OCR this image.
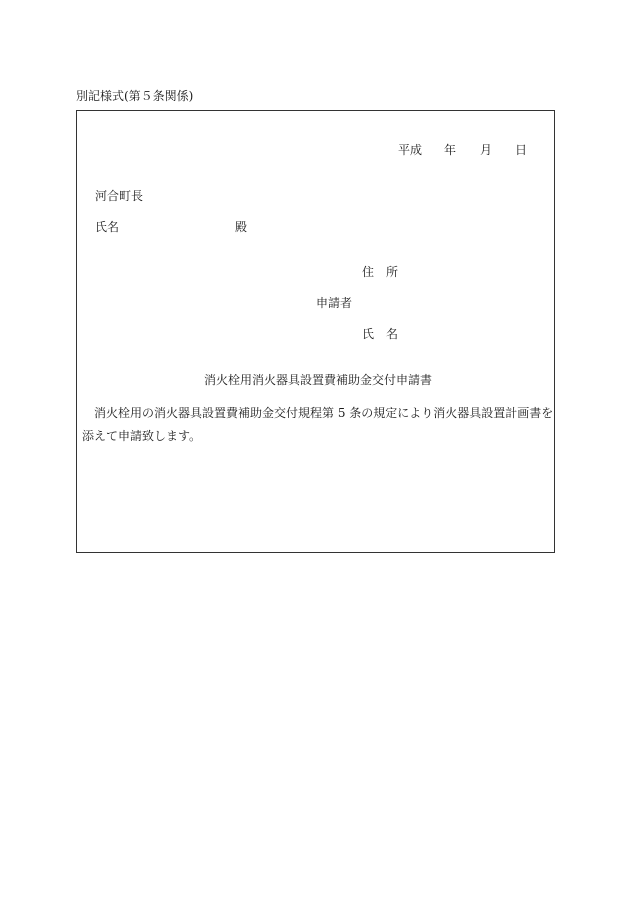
別記様式(第５条関係)
平成 年 月 日
河合町長
氏名	殿
住　所
申請者
氏　名
消火栓用消火器具設置費補助金交付申請書

消火栓用の消火器具設置費補助金交付規程第 5 条の規定により消火器具設置計画書を添えて申請致します。
